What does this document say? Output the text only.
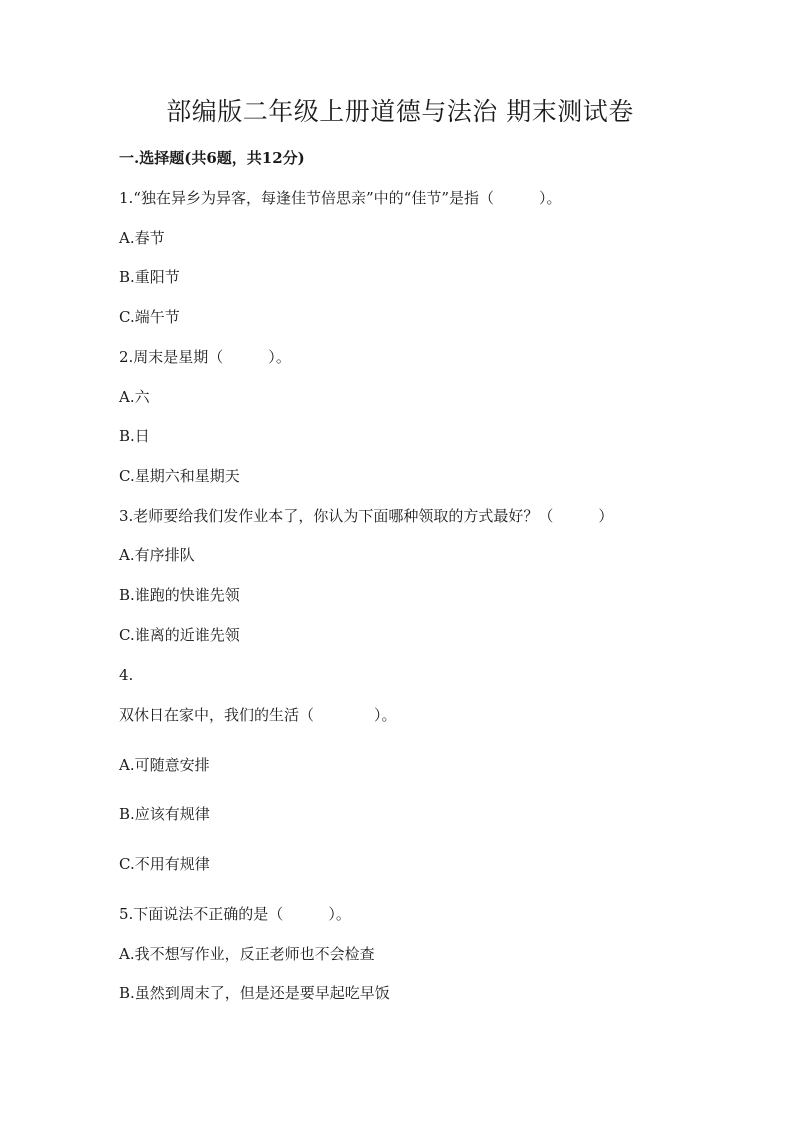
部编版二年级上册道德与法治 期末测试卷
一.选择题(共6题，共12分)
1.“独在异乡为异客，每逢佳节倍思亲”中的“佳节”是指（　　　）。
A.春节
B.重阳节
C.端午节
2.周末是星期（　　　）。
A.六
B.日
C.星期六和星期天
3.老师要给我们发作业本了，你认为下面哪种领取的方式最好？（　　　）
A.有序排队
B.谁跑的快谁先领
C.谁离的近谁先领
4.
双休日在家中，我们的生活（　　　　）。
A.可随意安排
B.应该有规律
C.不用有规律
5.下面说法不正确的是（　　　）。
A.我不想写作业，反正老师也不会检查
B.虽然到周末了，但是还是要早起吃早饭
